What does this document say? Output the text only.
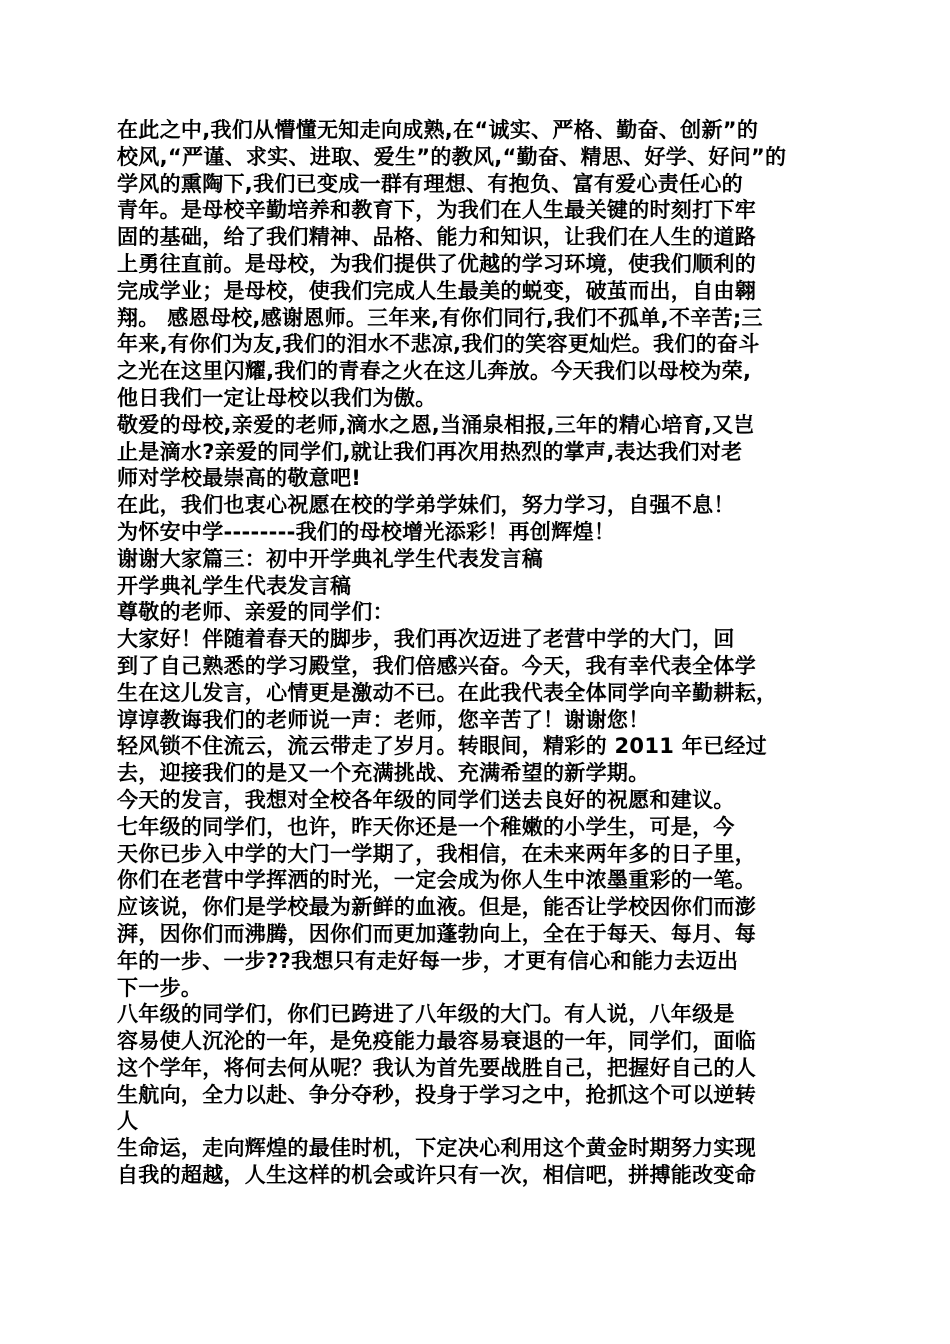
在此之中,我们从懵懂无知走向成熟,在“诚实、严格、勤奋、创新”的
校风,“严谨、求实、进取、爱生”的教风,“勤奋、精思、好学、好问”的
学风的熏陶下,我们已变成一群有理想、有抱负、富有爱心责任心的
青年。是母校辛勤培养和教育下，为我们在人生最关键的时刻打下牢
固的基础，给了我们精神、品格、能力和知识，让我们在人生的道路
上勇往直前。是母校，为我们提供了优越的学习环境，使我们顺利的
完成学业；是母校，使我们完成人生最美的蜕变，破茧而出，自由翱
翔。 感恩母校,感谢恩师。三年来,有你们同行,我们不孤单,不辛苦;三
年来,有你们为友,我们的泪水不悲凉,我们的笑容更灿烂。我们的奋斗
之光在这里闪耀,我们的青春之火在这儿奔放。今天我们以母校为荣,
他日我们一定让母校以我们为傲。
敬爱的母校,亲爱的老师,滴水之恩,当涌泉相报,三年的精心培育,又岂
止是滴水?亲爱的同学们,就让我们再次用热烈的掌声,表达我们对老
师对学校最崇高的敬意吧!
在此，我们也衷心祝愿在校的学弟学妹们，努力学习，自强不息！
为怀安中学--------我们的母校增光添彩！再创辉煌！
谢谢大家篇三：初中开学典礼学生代表发言稿
开学典礼学生代表发言稿
尊敬的老师、亲爱的同学们：
大家好！伴随着春天的脚步，我们再次迈进了老营中学的大门，回
到了自己熟悉的学习殿堂，我们倍感兴奋。今天，我有幸代表全体学
生在这儿发言，心情更是激动不已。在此我代表全体同学向辛勤耕耘，
谆谆教诲我们的老师说一声：老师，您辛苦了！谢谢您！
轻风锁不住流云，流云带走了岁月。转眼间，精彩的 2011 年已经过
去，迎接我们的是又一个充满挑战、充满希望的新学期。
今天的发言，我想对全校各年级的同学们送去良好的祝愿和建议。
七年级的同学们，也许，昨天你还是一个稚嫩的小学生，可是，今
天你已步入中学的大门一学期了，我相信，在未来两年多的日子里，
你们在老营中学挥洒的时光，一定会成为你人生中浓墨重彩的一笔。
应该说，你们是学校最为新鲜的血液。但是，能否让学校因你们而澎
湃，因你们而沸腾，因你们而更加蓬勃向上，全在于每天、每月、每
年的一步、一步??我想只有走好每一步，才更有信心和能力去迈出
下一步。
八年级的同学们，你们已跨进了八年级的大门。有人说，八年级是
容易使人沉沦的一年，是免疫能力最容易衰退的一年，同学们，面临
这个学年，将何去何从呢？我认为首先要战胜自己，把握好自己的人
生航向，全力以赴、争分夺秒，投身于学习之中，抢抓这个可以逆转
人
生命运，走向辉煌的最佳时机，下定决心利用这个黄金时期努力实现
自我的超越，人生这样的机会或许只有一次，相信吧，拼搏能改变命
